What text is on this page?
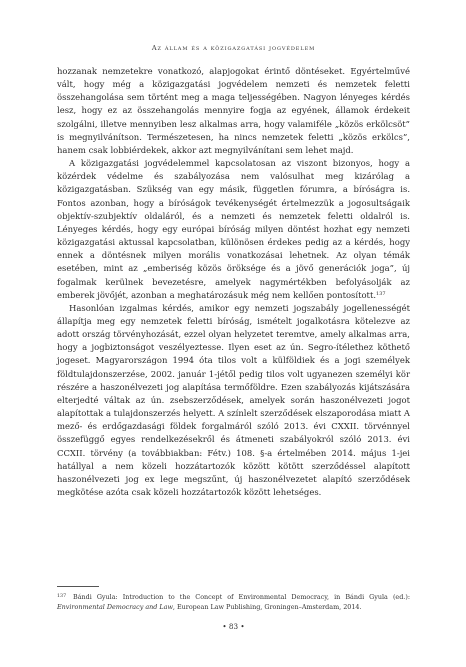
Az állam és a közigazgatási jogvédelem

hozzanak nemzetekre vonatkozó, alapjogokat érintő döntéseket. Egyértelművé vált, hogy még a közigazgatási jogvédelem nemzeti és nemzetek feletti összehangolása sem történt meg a maga teljességében. Nagyon lényeges kérdés lesz, hogy ez az összehangolás mennyire fogja az egyének, államok érdekeit szolgálni, illetve mennyiben lesz alkalmas arra, hogy valamiféle „közös erkölcsöt” is megnyilvánítson. Természetesen, ha nincs nemzetek feletti „közös erkölcs”, hanem csak lobbiérdekek, akkor azt megnyilvánítani sem lehet majd.

A közigazgatási jogvédelemmel kapcsolatosan az viszont bizonyos, hogy a közérdek védelme és szabályozása nem valósulhat meg kizárólag a közigazgatásban. Szükség van egy másik, független fórumra, a bíróságra is. Fontos azonban, hogy a bíróságok tevékenységét értelmezzük a jogosultságaik objektív-szubjektív oldaláról, és a nemzeti és nemzetek feletti oldalról is. Lényeges kérdés, hogy egy európai bíróság milyen döntést hozhat egy nemzeti közigazgatási aktussal kapcsolatban, különösen érdekes pedig az a kérdés, hogy ennek a döntésnek milyen morális vonatkozásai lehetnek. Az olyan témák esetében, mint az „emberiség közös öröksége és a jövő generációk joga”, új fogalmak kerülnek bevezetésre, amelyek nagymértékben befolyásolják az emberek jövőjét, azonban a meghatározásuk még nem kellően pontosított.$^{137}$

Hasonlóan izgalmas kérdés, amikor egy nemzeti jogszabály jogellenességét állapítja meg egy nemzetek feletti bíróság, ismételt jogalkotásra kötelezve az adott ország törvényhozását, ezzel olyan helyzetet teremtve, amely alkalmas arra, hogy a jogbiztonságot veszélyeztesse. Ilyen eset az ún. Segro-ítélethez köthető jogeset. Magyarországon 1994 óta tilos volt a külföldiek és a jogi személyek földtulajdonszerzése, 2002. január 1-jétől pedig tilos volt ugyanezen személyi kör részére a haszonélvezeti jog alapítása termőföldre. Ezen szabályozás kijátszására elterjedté váltak az ún. zsebszerződések, amelyek során haszonélvezeti jogot alapítottak a tulajdonszerzés helyett. A színlelt szerződések elszaporodása miatt A mező- és erdőgazdasági földek forgalmáról szóló 2013. évi CXXII. törvénnyel összefüggő egyes rendelkezésekről és átmeneti szabályokról szóló 2013. évi CCXII. törvény (a továbbiakban: Fétv.) 108. §-a értelmében 2014. május 1-jei hatállyal a nem közeli hozzátartozók között kötött szerződéssel alapított haszonélvezeti jog ex lege megszűnt, új haszonélvezetet alapító szerződések megkötése azóta csak közeli hozzátartozók között lehetséges.

137 Bándi Gyula: Introduction to the Concept of Environmental Democracy, in Bándi Gyula (ed.): Environmental Democracy and Law, European Law Publishing, Groningen–Amsterdam, 2014.
• 83 •
